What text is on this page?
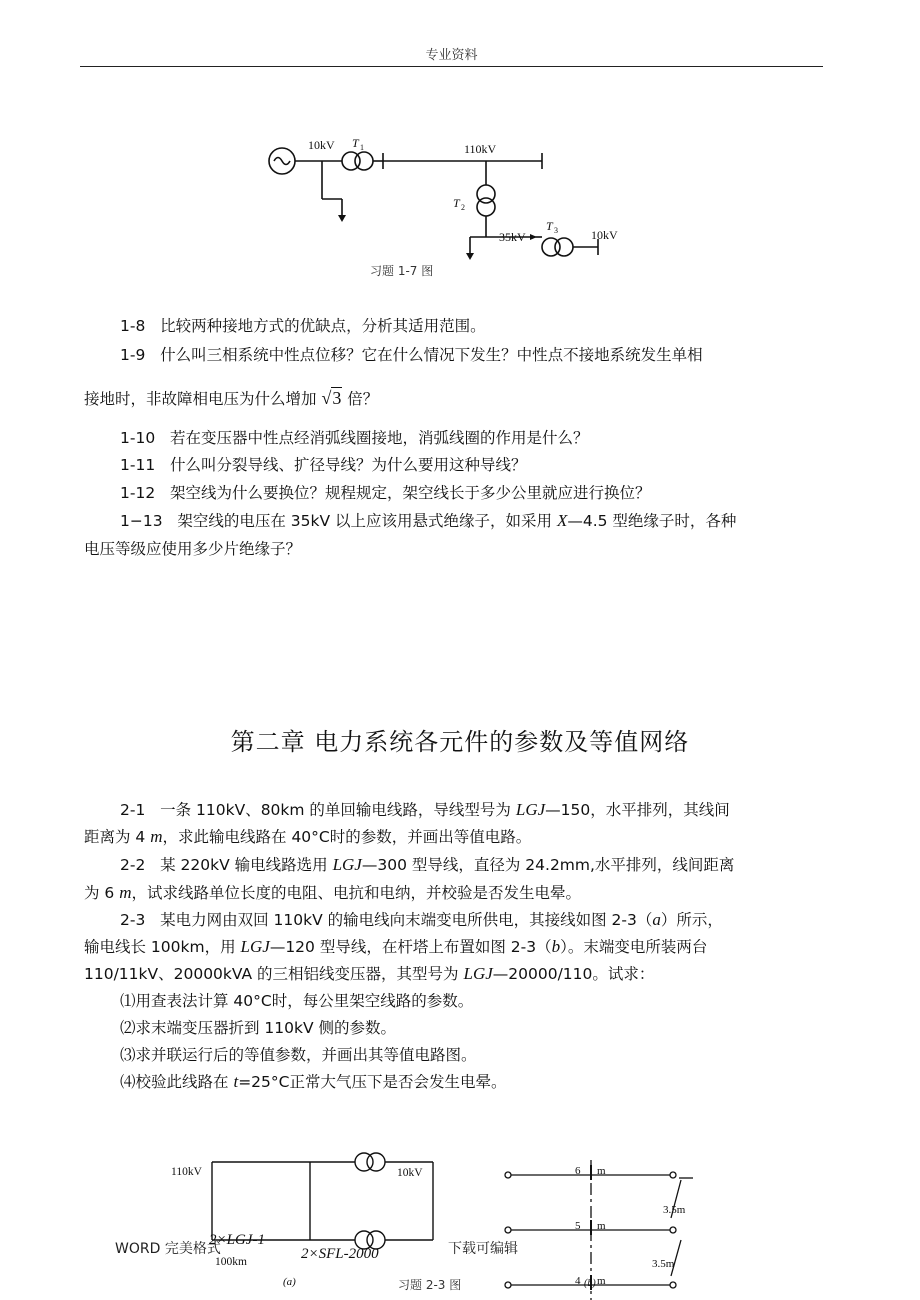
专业资料
10kV T 1	110kV
T 2
35kV
T 3	10kV
习题 1-7 图
1-8 比较两种接地方式的优缺点，分析其适用范围。
1-9 什么叫三相系统中性点位移？它在什么情况下发生？中性点不接地系统发生单相
接地时，非故障相电压为什么增加 √3 倍？
1-10 若在变压器中性点经消弧线圈接地，消弧线圈的作用是什么？
1-11 什么叫分裂导线、扩径导线？为什么要用这种导线？
1-12 架空线为什么要换位？规程规定，架空线长于多少公里就应进行换位？
1−13 架空线的电压在 35kV 以上应该用悬式绝缘子，如采用 X—4.5 型绝缘子时，各种
电压等级应使用多少片绝缘子？
第二章 电力系统各元件的参数及等值网络
2-1 一条 110kV、80km 的单回输电线路，导线型号为 LGJ—150，水平排列，其线间
距离为 4 m，求此输电线路在 40°C时的参数，并画出等值电路。
2-2 某 220kV 输电线路选用 LGJ—300 型导线，直径为 24.2mm,水平排列，线间距离
为 6 m，试求线路单位长度的电阻、电抗和电纳，并校验是否发生电晕。
2-3 某电力网由双回 110kV 的输电线向末端变电所供电，其接线如图 2-3（a）所示，
输电线长 100km，用 LGJ—120 型导线，在杆塔上布置如图 2-3（b）。末端变电所装两台
110/11kV、20000kVA 的三相铝线变压器，其型号为 LGJ—20000/110。试求：
⑴用查表法计算 40°C时，每公里架空线路的参数。
⑵求末端变压器折到 110kV 侧的参数。
⑶求并联运行后的等值参数，并画出其等值电路图。
⑷校验此线路在 t=25°C正常大气压下是否会发生电晕。
110kV	10kV
2×LGJ-1
100km	2×SFL-2000
(a)
6 m
5 m
4 (b) m
3.5m
3.5m
习题 2-3 图
WORD 完美格式	下载可编辑
